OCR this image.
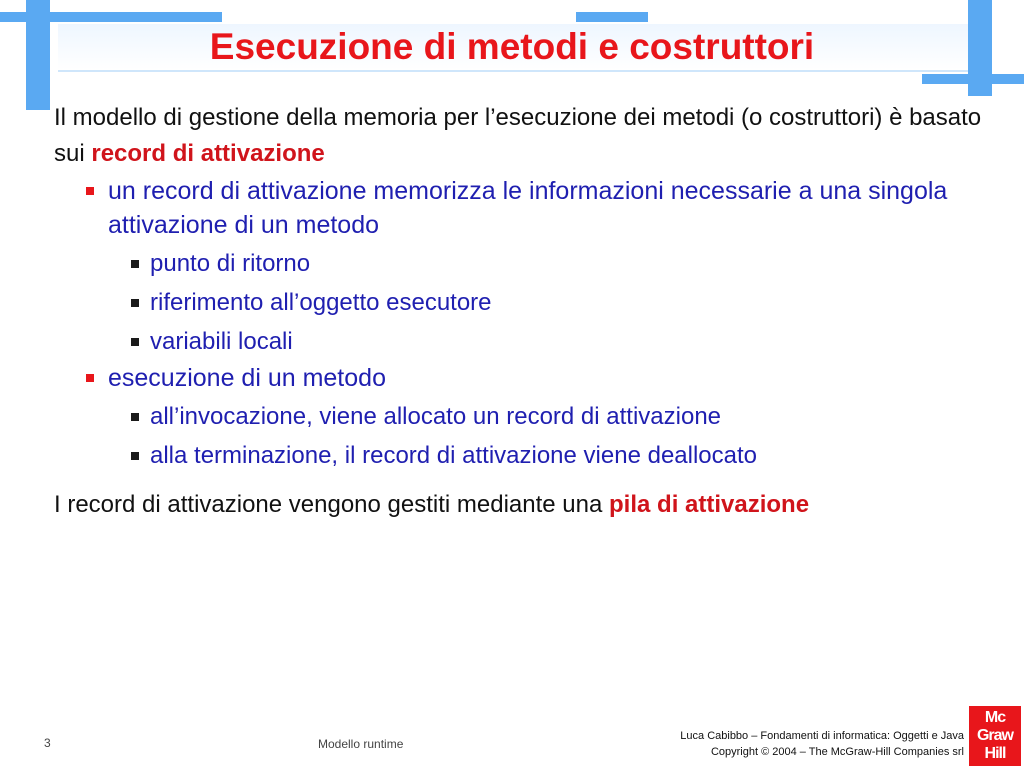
Esecuzione di metodi e costruttori

Il modello di gestione della memoria per l’esecuzione dei metodi (o costruttori) è basato sui record di attivazione

un record di attivazione memorizza le informazioni necessarie a una singola attivazione di un metodo
punto di ritorno
riferimento all’oggetto esecutore
variabili locali
esecuzione di un metodo
all’invocazione, viene allocato un record di attivazione
alla terminazione, il record di attivazione viene deallocato

I record di attivazione vengono gestiti mediante una pila di attivazione

3	Modello runtime
Luca Cabibbo – Fondamenti di informatica: Oggetti e Java
Copyright © 2004 – The McGraw-Hill Companies srl
Mc
Graw
Hill
